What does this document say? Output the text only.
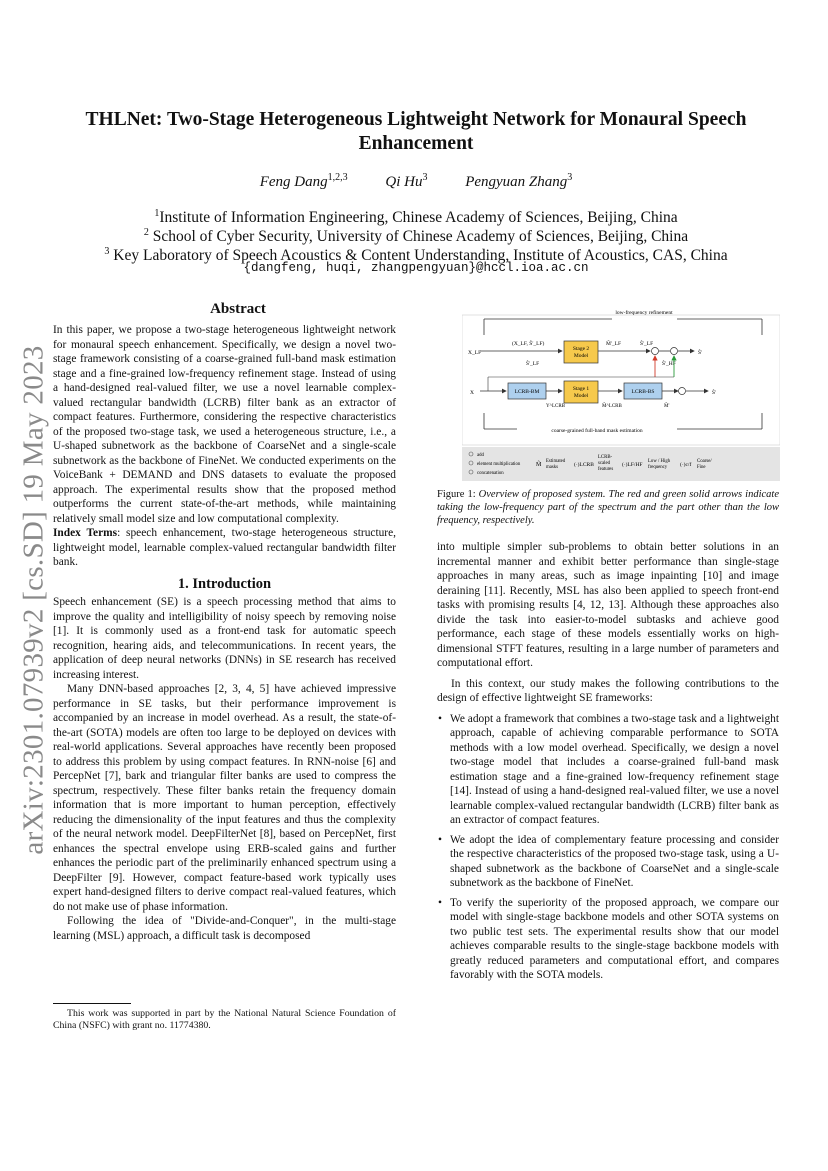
arXiv:2301.07939v2 [cs.SD] 19 May 2023
THLNet: Two-Stage Heterogeneous Lightweight Network for Monaural Speech Enhancement
Feng Dang$^{1,2,3}$	Qi Hu$^3$	Pengyuan Zhang$^3$
$^1$Institute of Information Engineering, Chinese Academy of Sciences, Beijing, China
$^2$ School of Cyber Security, University of Chinese Academy of Sciences, Beijing, China
$^3$ Key Laboratory of Speech Acoustics & Content Understanding, Institute of Acoustics, CAS, China
{dangfeng, huqi, zhangpengyuan}@hccl.ioa.ac.cn
Abstract

In this paper, we propose a two-stage heterogeneous lightweight network for monaural speech enhancement. Specifically, we design a novel two-stage framework consisting of a coarse-grained full-band mask estimation stage and a fine-grained low-frequency refinement stage. Instead of using a hand-designed real-valued filter, we use a novel learnable complex-valued rectangular bandwidth (LCRB) filter bank as an extractor of compact features. Furthermore, considering the respective characteristics of the proposed two-stage task, we used a heterogeneous structure, i.e., a U-shaped subnetwork as the backbone of CoarseNet and a single-scale subnetwork as the backbone of FineNet. We conducted experiments on the VoiceBank + DEMAND and DNS datasets to evaluate the proposed approach. The experimental results show that the proposed method outperforms the current state-of-the-art methods, while maintaining relatively small model size and low computational complexity.

Index Terms: speech enhancement, two-stage heterogeneous structure, lightweight model, learnable complex-valued rectangular bandwidth filter bank.

1. Introduction

Speech enhancement (SE) is a speech processing method that aims to improve the quality and intelligibility of noisy speech by removing noise [1]. It is commonly used as a front-end task for automatic speech recognition, hearing aids, and telecommunications. In recent years, the application of deep neural networks (DNNs) in SE research has received increasing interest.

Many DNN-based approaches [2, 3, 4, 5] have achieved impressive performance in SE tasks, but their performance improvement is accompanied by an increase in model overhead. As a result, the state-of-the-art (SOTA) models are often too large to be deployed on devices with real-world applications. Several approaches have recently been proposed to address this problem by using compact features. In RNN-noise [6] and PercepNet [7], bark and triangular filter banks are used to compress the spectrum, respectively. These filter banks retain the frequency domain information that is more important to human perception, effectively reducing the dimensionality of the input features and thus the complexity of the neural network model. DeepFilterNet [8], based on PercepNet, first enhances the spectral envelope using ERB-scaled gains and further enhances the periodic part of the preliminarily enhanced spectrum using a DeepFilter [9]. However, compact feature-based work typically uses expert hand-designed filters to derive compact real-valued features, which do not make use of phase information.

Following the idea of "Divide-and-Conquer", in the multi-stage learning (MSL) approach, a difficult task is decomposed

This work was supported in part by the National Natural Science Foundation of China (NSFC) with grant no. 11774380.
low-frequency refinement
X_LF
(X_LF, Ŝ'_LF)
Ŝ'_LF
Stage 2
Model
M̂'_LF	Ŝ'_LF
Ŝ'
Ŝ'_HF
X	LCRB-BM
Y^LCRB
Stage 1
Model
M̂^LCRB
LCRB-BS
M̂'
Ŝ'
coarse-grained full-band mask estimation
add
element multiplication
concatenation
M̃
Estimated
masks	(·)LCRB
LCRB-
scaled
features
(·)LF/HF
Low / High
frequency (·)c/f
Coarse/
Fine
Figure 1: Overview of proposed system. The red and green solid arrows indicate taking the low-frequency part of the spectrum and the part other than the low frequency, respectively.

into multiple simpler sub-problems to obtain better solutions in an incremental manner and exhibit better performance than single-stage approaches in many areas, such as image inpainting [10] and image deraining [11]. Recently, MSL has also been applied to speech front-end tasks with promising results [4, 12, 13]. Although these approaches also divide the task into easier-to-model subtasks and achieve good performance, each stage of these models essentially works on high-dimensional STFT features, resulting in a large number of parameters and computational effort.

In this context, our study makes the following contributions to the design of effective lightweight SE frameworks:

• We adopt a framework that combines a two-stage task and a lightweight approach, capable of achieving comparable performance to SOTA methods with a low model overhead. Specifically, we design a novel two-stage model that includes a coarse-grained full-band mask estimation stage and a fine-grained low-frequency refinement stage [14]. Instead of using a hand-designed real-valued filter, we use a novel learnable complex-valued rectangular bandwidth (LCRB) filter bank as an extractor of compact features.
• We adopt the idea of complementary feature processing and consider the respective characteristics of the proposed two-stage task, using a U-shaped subnetwork as the backbone of CoarseNet and a single-scale subnetwork as the backbone of FineNet.
• To verify the superiority of the proposed approach, we compare our model with single-stage backbone models and other SOTA systems on two public test sets. The experimental results show that our model achieves comparable results to the single-stage backbone models with greatly reduced parameters and computational effort, and compares favorably with the SOTA models.
